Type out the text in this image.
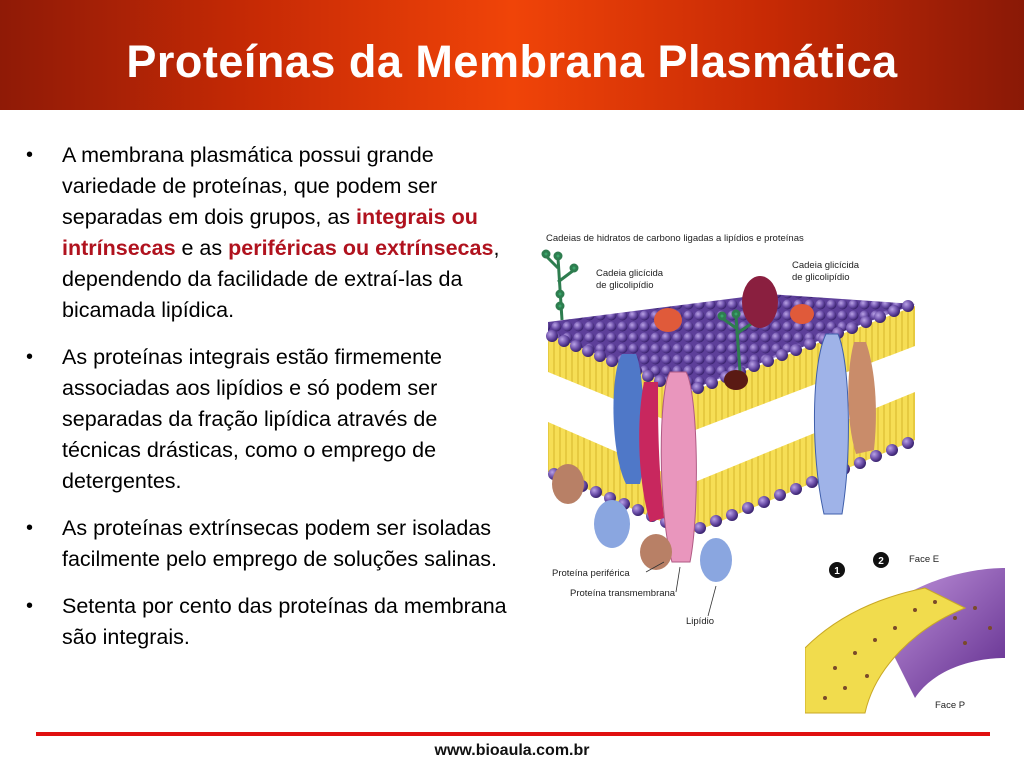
Proteínas da Membrana Plasmática
• A membrana plasmática possui grande variedade de proteínas, que podem ser separadas em dois grupos, as integrais ou intrínsecas e as periféricas ou extrínsecas, dependendo da facilidade de extraí-las da bicamada lipídica.
• As proteínas integrais estão firmemente associadas aos lipídios e só podem ser separadas da fração lipídica através de técnicas drásticas, como o emprego de detergentes.
• As proteínas extrínsecas podem ser isoladas facilmente pelo emprego de soluções salinas.
• Setenta por cento das proteínas da membrana são integrais.
Cadeias de hidratos de carbono ligadas a lipídios e proteínas
Cadeia glicícida
de glicolipídio
Cadeia glicícida
de glicolipídio
Proteína periférica
Proteína transmembrana
Lipídio
1
2	Face E
Face P
www.bioaula.com.br
